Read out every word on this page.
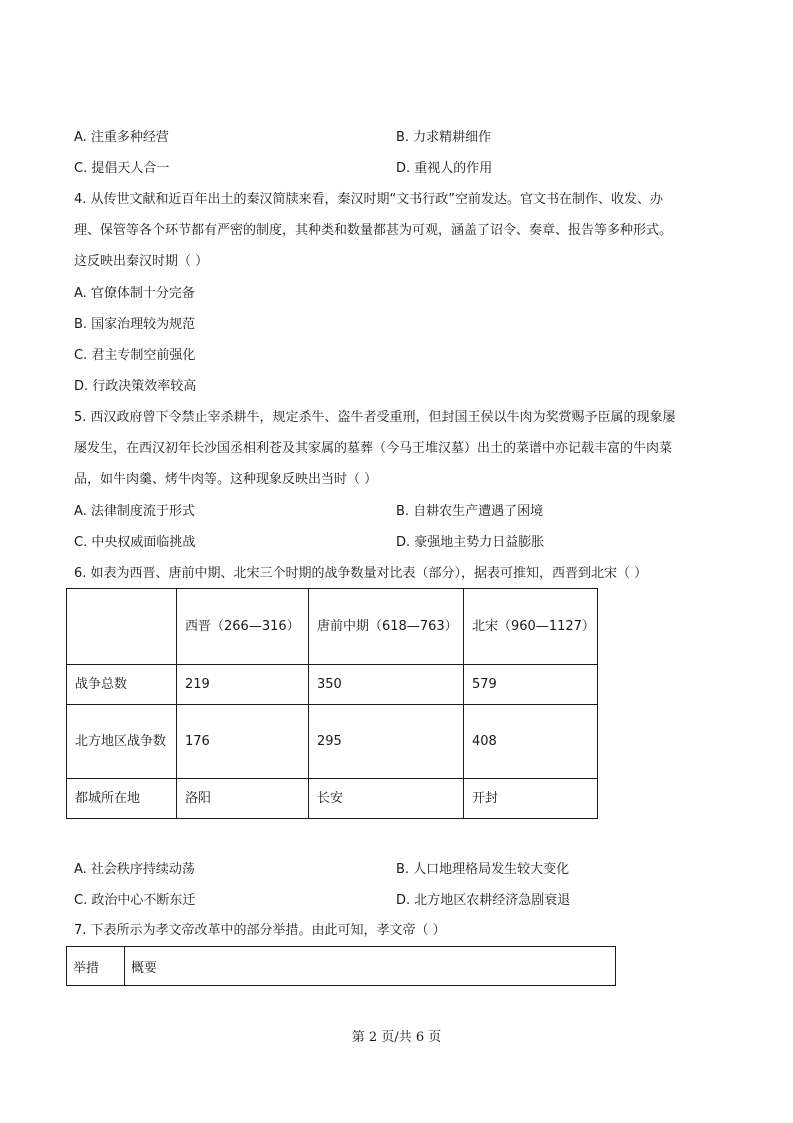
A. 注重多种经营	B. 力求精耕细作
C. 提倡天人合一	D. 重视人的作用
4. 从传世文献和近百年出土的秦汉简牍来看，秦汉时期“文书行政”空前发达。官文书在制作、收发、办
理、保管等各个环节都有严密的制度，其种类和数量都甚为可观，涵盖了诏令、奏章、报告等多种形式。
这反映出秦汉时期（ ）
A. 官僚体制十分完备
B. 国家治理较为规范
C. 君主专制空前强化
D. 行政决策效率较高
5. 西汉政府曾下令禁止宰杀耕牛，规定杀牛、盗牛者受重刑，但封国王侯以牛肉为奖赏赐予臣属的现象屡
屡发生，在西汉初年长沙国丞相利苍及其家属的墓葬（今马王堆汉墓）出土的菜谱中亦记载丰富的牛肉菜
品，如牛肉羹、烤牛肉等。这种现象反映出当时（ ）
A. 法律制度流于形式	B. 自耕农生产遭遇了困境
C. 中央权威面临挑战	D. 豪强地主势力日益膨胀
6. 如表为西晋、唐前中期、北宋三个时期的战争数量对比表（部分），据表可推知，西晋到北宋（ ）
	西晋（266—316）	唐前中期（618—763）	北宋（960—1127）
战争总数	219	350	579
北方地区战争数	176	295	408
都城所在地	洛阳	长安	开封
A. 社会秩序持续动荡	B. 人口地理格局发生较大变化
C. 政治中心不断东迁	D. 北方地区农耕经济急剧衰退
7. 下表所示为孝文帝改革中的部分举措。由此可知，孝文帝（ ）
举措	概要
第 2 页/共 6 页
